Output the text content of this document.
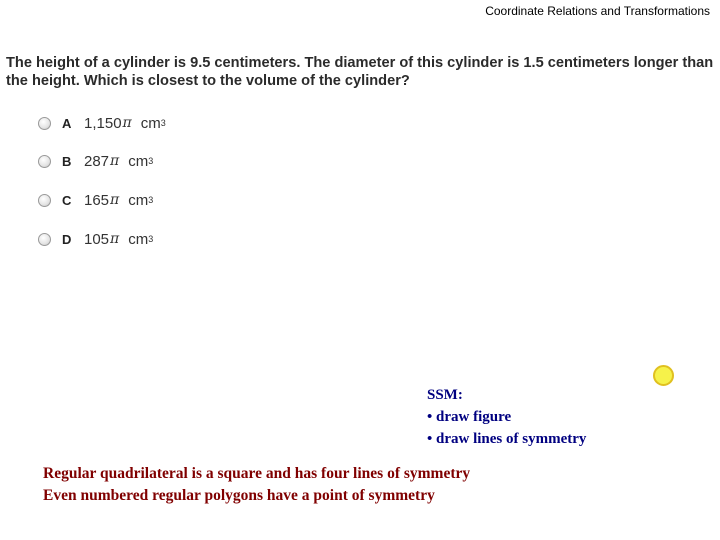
Coordinate Relations and Transformations
The height of a cylinder is 9.5 centimeters. The diameter of this cylinder is 1.5 centimeters longer than the height. Which is closest to the volume of the cylinder?
A 1,150 π cm 3
B 287 π cm 3
C 165 π cm 3
D 105 π cm 3
SSM:
• draw figure
• draw lines of symmetry
Regular quadrilateral is a square and has four lines of symmetry
Even numbered regular polygons have a point of symmetry
